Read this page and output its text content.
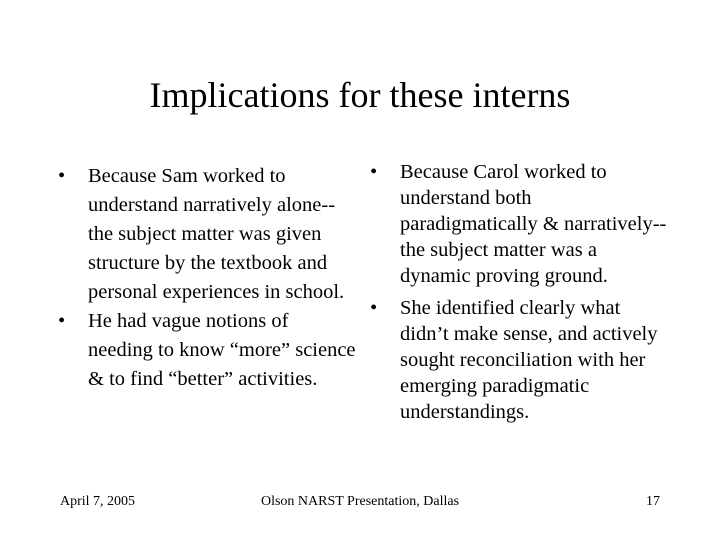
Implications for these interns
• Because Sam worked to understand narratively alone--the subject matter was given structure by the textbook and personal experiences in school.
• He had vague notions of needing to know “more” science & to find “better” activities.
• Because Carol worked to understand both paradigmatically & narratively--the subject matter was a dynamic proving ground.
• She identified clearly what didn’t make sense, and actively sought reconciliation with her emerging paradigmatic understandings.
April 7, 2005	Olson NARST Presentation, Dallas	17
